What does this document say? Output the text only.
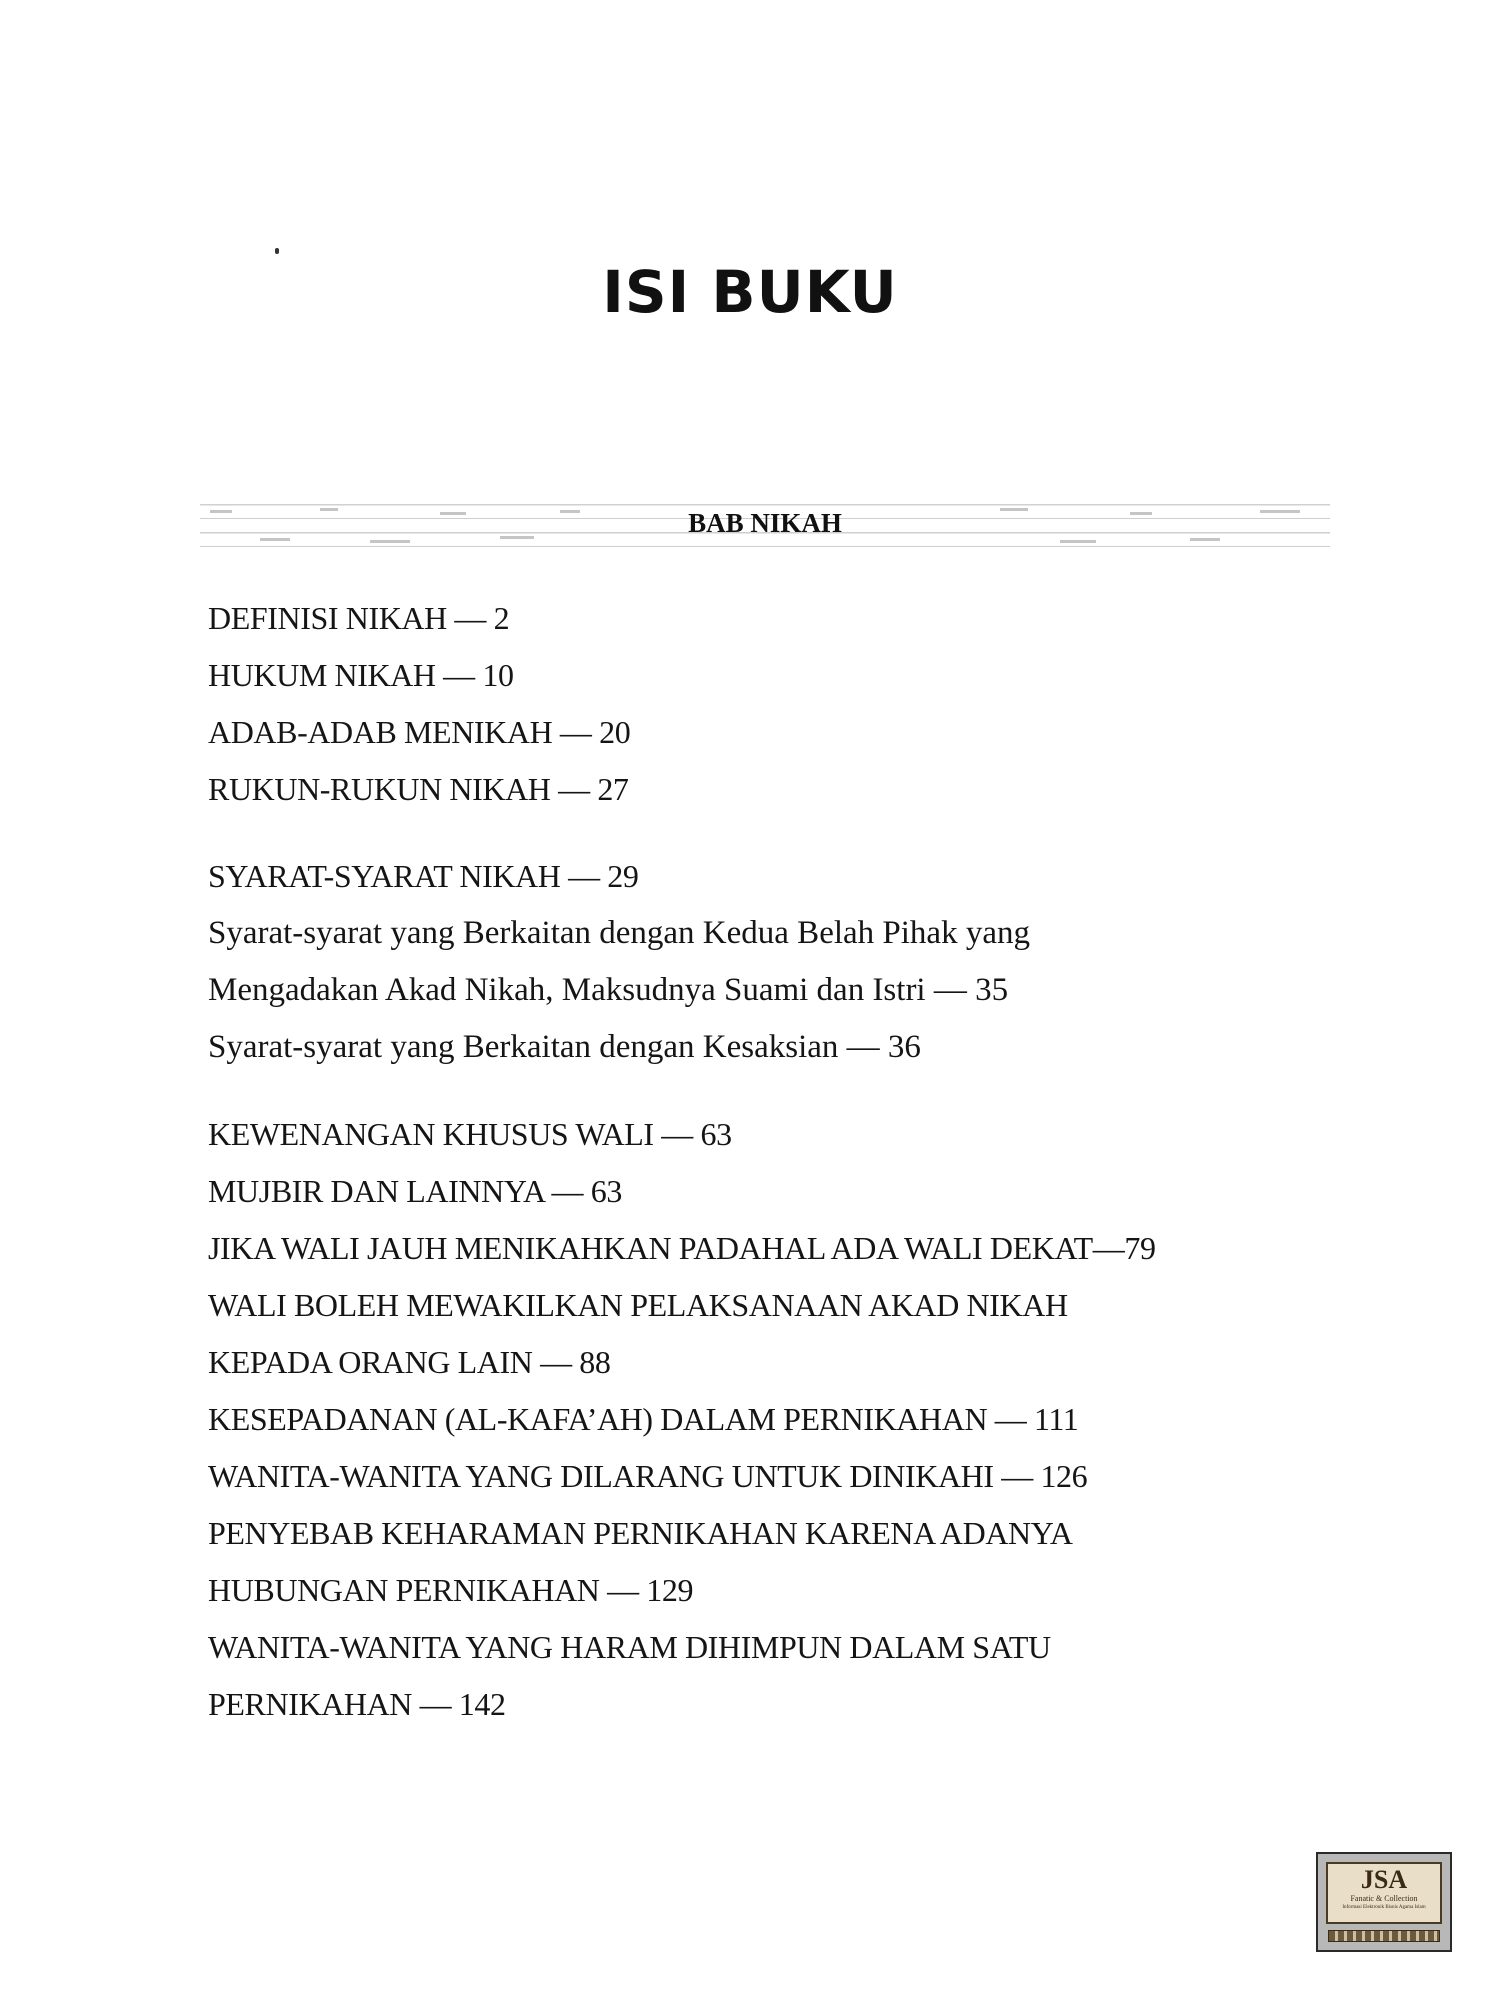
ISI BUKU
BAB NIKAH
DEFINISI NIKAH — 2
HUKUM NIKAH — 10
ADAB-ADAB MENIKAH — 20
RUKUN-RUKUN NIKAH — 27
SYARAT-SYARAT NIKAH — 29
Syarat-syarat yang Berkaitan dengan Kedua Belah Pihak yang
Mengadakan Akad Nikah, Maksudnya Suami dan Istri — 35
Syarat-syarat yang Berkaitan dengan Kesaksian — 36
KEWENANGAN KHUSUS WALI — 63
MUJBIR DAN LAINNYA — 63
JIKA WALI JAUH MENIKAHKAN PADAHAL ADA WALI DEKAT—79
WALI BOLEH MEWAKILKAN PELAKSANAAN AKAD NIKAH
KEPADA ORANG LAIN — 88
KESEPADANAN (AL-KAFA’AH) DALAM PERNIKAHAN — 111
WANITA-WANITA YANG DILARANG UNTUK DINIKAHI — 126
PENYEBAB KEHARAMAN PERNIKAHAN KARENA ADANYA
HUBUNGAN PERNIKAHAN — 129
WANITA-WANITA YANG HARAM DIHIMPUN DALAM SATU
PERNIKAHAN — 142
JSA
Fanatic & Collection
Informasi Elektronik Bisnis Agama Islam
